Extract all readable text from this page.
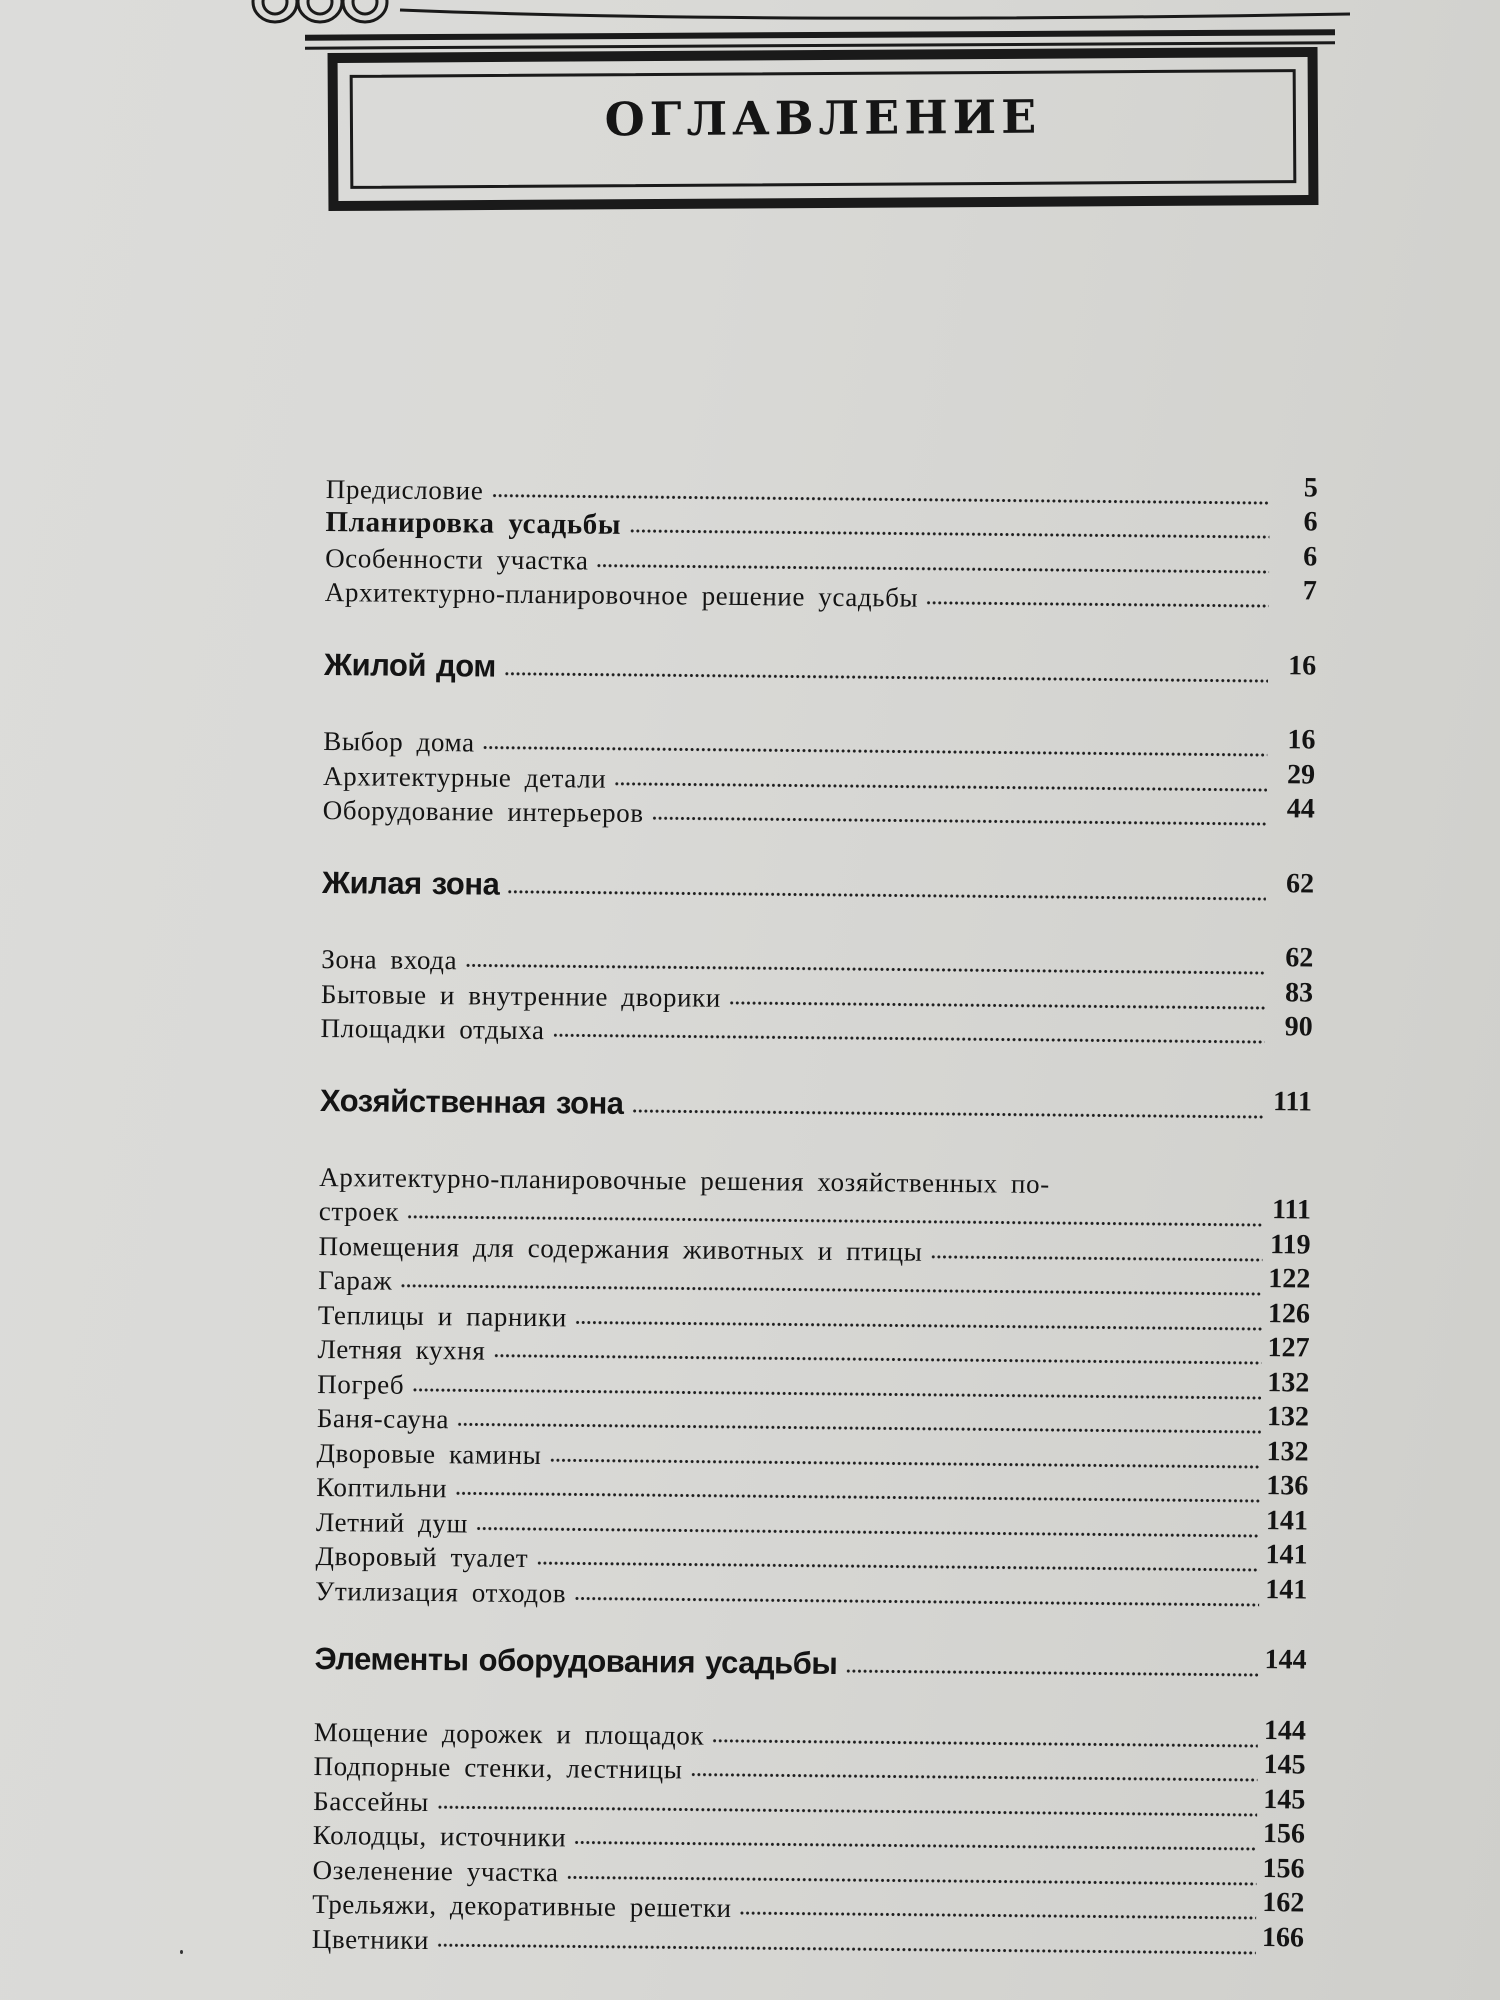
ОГЛАВЛЕНИЕ
Предисловие	5
Планировка усадьбы	6
Особенности участка	6
Архитектурно-планировочное решение усадьбы	7
Жилой дом	16
Выбор дома	16
Архитектурные детали	29
Оборудование интерьеров	44
Жилая зона	62
Зона входа	62
Бытовые и внутренние дворики	83
Площадки отдыха	90
Хозяйственная зона	111
Архитектурно-планировочные решения хозяйственных по-
строек	111
Помещения для содержания животных и птицы	119
Гараж	122
Теплицы и парники	126
Летняя кухня	127
Погреб	132
Баня-сауна	132
Дворовые камины	132
Коптильни	136
Летний душ	141
Дворовый туалет	141
Утилизация отходов	141
Элементы оборудования усадьбы	144
Мощение дорожек и площадок	144
Подпорные стенки, лестницы	145
Бассейны	145
Колодцы, источники	156
Озеленение участка	156
Трельяжи, декоративные решетки	162
Цветники	166
